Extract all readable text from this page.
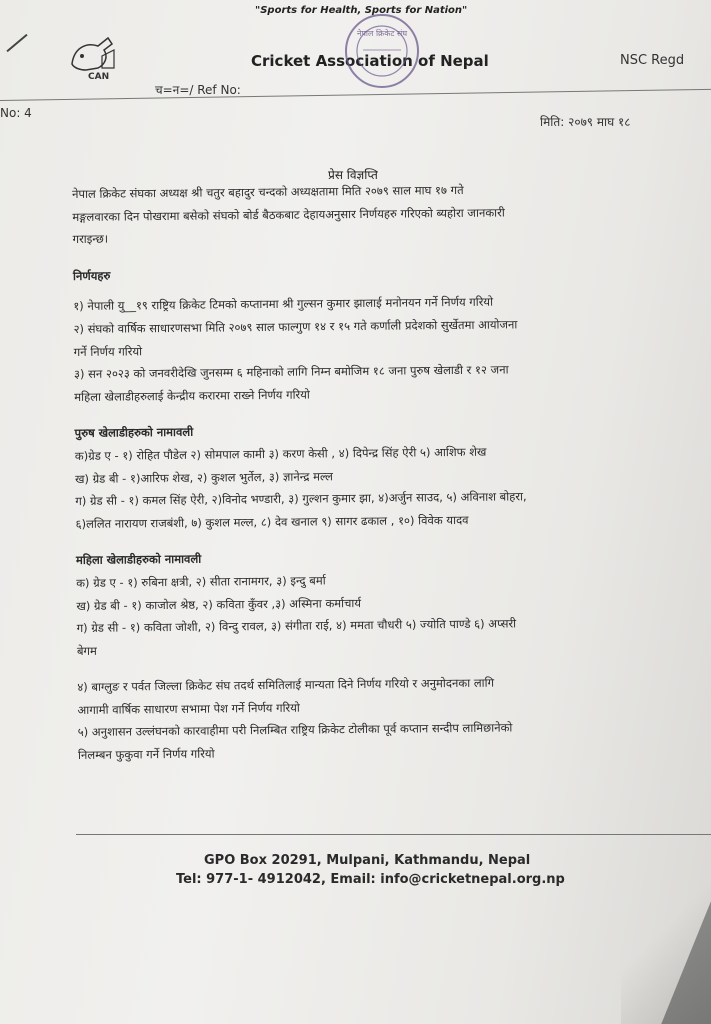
"Sports for Health, Sports for Nation"
CAN
Cricket Association of Nepal
नेपाल क्रिकेट संघ
NSC Regd
च=न=/ Ref No:
No: 4
मिति: २०७९ माघ १८
प्रेस विज्ञप्ति

नेपाल क्रिकेट संघका अध्यक्ष श्री चतुर बहादुर चन्दको अध्यक्षतामा मिति २०७९ साल माघ १७ गते

मङ्गलवारका दिन पोखरामा बसेको संघको बोर्ड बैठकबाट देहायअनुसार निर्णयहरु गरिएको ब्यहोरा जानकारी

गराइन्छ।

निर्णयहरु

१) नेपाली यु__१९ राष्ट्रिय क्रिकेट टिमको कप्तानमा श्री गुल्सन कुमार झालाई मनोनयन गर्ने निर्णय गरियो

२) संघको वार्षिक साधारणसभा मिति २०७९ साल फाल्गुण १४ र १५ गते कर्णाली प्रदेशको सुर्खेतमा आयोजना

गर्ने निर्णय गरियो

३) सन २०२३ को जनवरीदेखि जुनसम्म ६ महिनाको लागि निम्न बमोजिम १८ जना पुरुष खेलाडी र १२ जना

महिला खेलाडीहरुलाई केन्द्रीय करारमा राख्ने निर्णय गरियो

पुरुष खेलाडीहरुको नामावली

क)ग्रेड ए - १) रोहित पौडेल २) सोमपाल कामी ३) करण केसी , ४) दिपेन्द्र सिंह ऐरी ५) आशिफ शेख

ख) ग्रेड बी - १)आरिफ शेख, २) कुशल भुर्तेल, ३) ज्ञानेन्द्र मल्ल

ग) ग्रेड सी - १) कमल सिंह ऐरी, २)विनोद भण्डारी, ३) गुल्शन कुमार झा, ४)अर्जुन साउद, ५) अविनाश बोहरा,

६)ललित नारायण राजबंशी, ७) कुशल मल्ल, ८) देव खनाल ९) सागर ढकाल , १०) विवेक यादव

महिला खेलाडीहरुको नामावली

क) ग्रेड ए - १) रुबिना क्षत्री, २) सीता रानामगर, ३) इन्दु बर्मा

ख) ग्रेड बी - १) काजोल श्रेष्ठ, २) कविता कुँवर ,३) अस्मिना कर्माचार्य

ग) ग्रेड सी - १) कविता जोशी, २) विन्दु रावल, ३) संगीता राई, ४) ममता चौधरी ५) ज्योति पाण्डे ६) अप्सरी

बेगम

४) बाग्लुङ र पर्वत जिल्ला क्रिकेट संघ तदर्थ समितिलाई मान्यता दिने निर्णय गरियो र अनुमोदनका लागि

आगामी वार्षिक साधारण सभामा पेश गर्ने निर्णय गरियो

५) अनुशासन उल्लंघनको कारवाहीमा परी निलम्बित राष्ट्रिय क्रिकेट टोलीका पूर्व कप्तान सन्दीप लामिछानेको

निलम्बन फुकुवा गर्ने निर्णय गरियो

GPO Box 20291, Mulpani, Kathmandu, Nepal
Tel: 977-1- 4912042, Email: info@cricketnepal.org.np
